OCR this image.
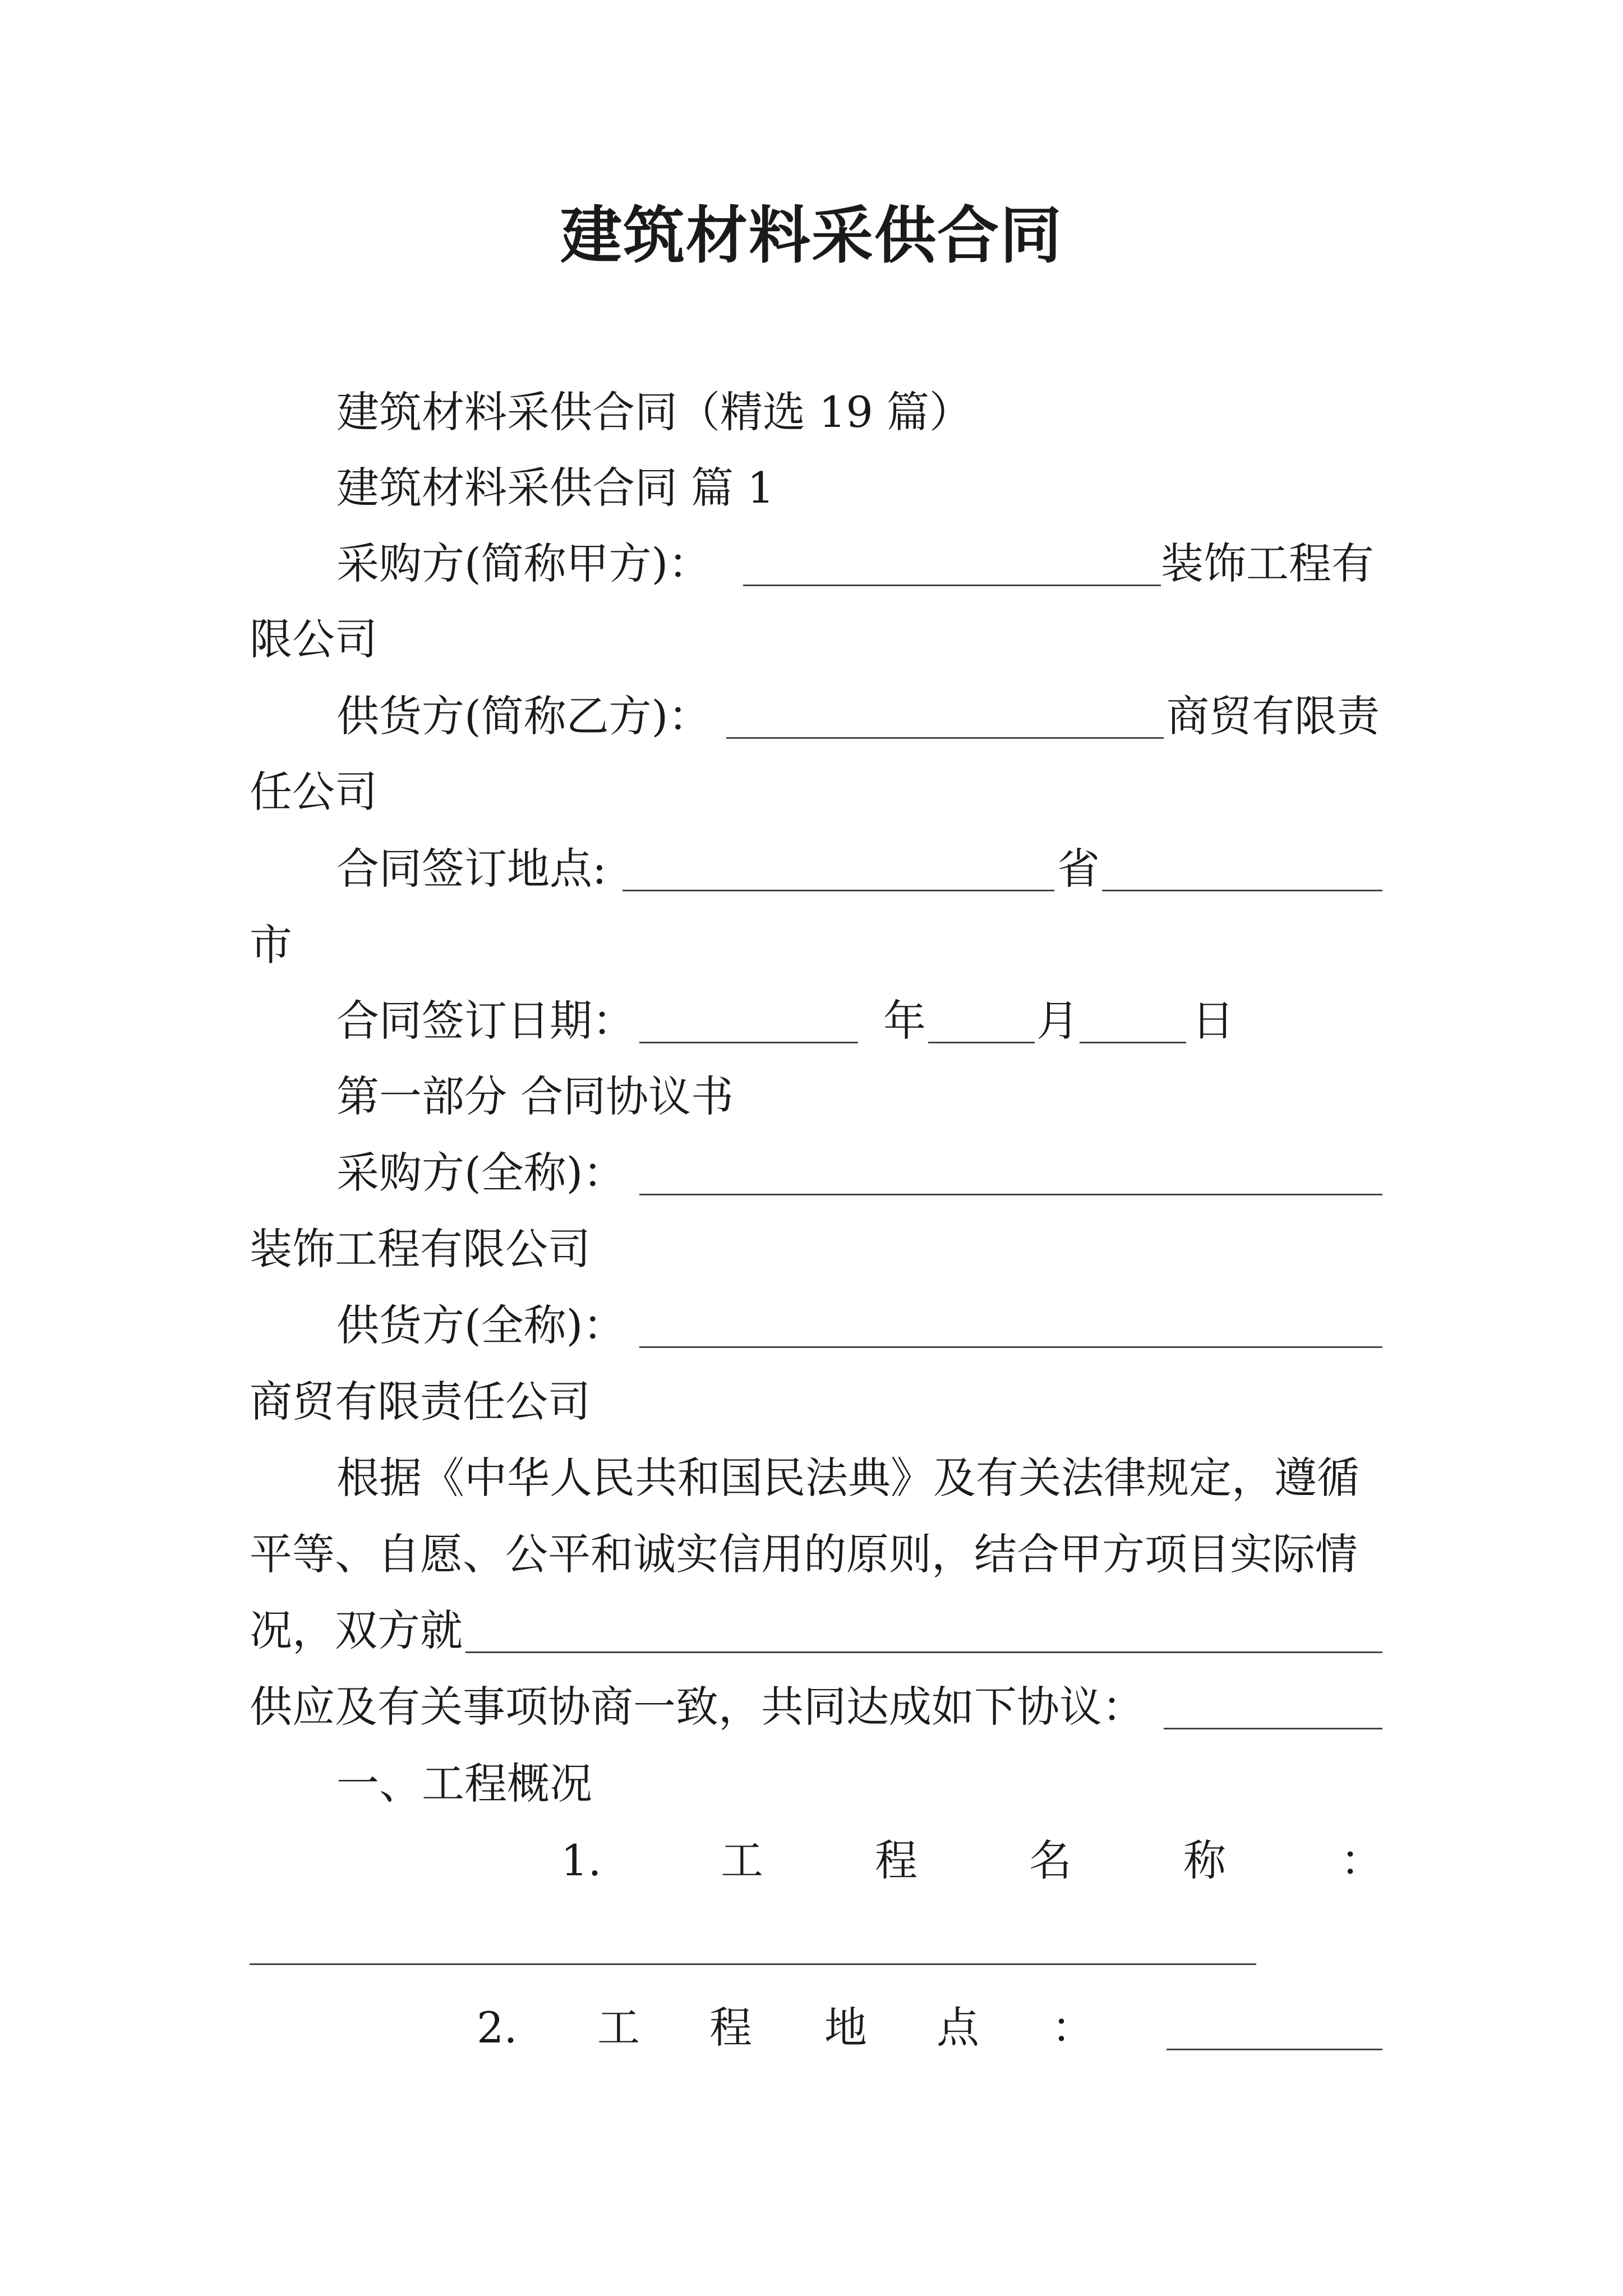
建筑材料采供合同
建筑材料采供合同（精选 19 篇）
建筑材料采供合同 篇 1
采购方(简称甲方)：	装饰工程有
限公司
供货方(简称乙方)：	商贸有限责
任公司
合同签订地点:	省
市
合同签订日期：	年	月	日
第一部分 合同协议书
采购方(全称)：
装饰工程有限公司
供货方(全称)：
商贸有限责任公司
根据《中华人民共和国民法典》及有关法律规定，遵循
平等、自愿、公平和诚实信用的原则，结合甲方项目实际情
况，双方就
供应及有关事项协商一致，共同达成如下协议：
一、工程概况
1.	工	程	名	称	：
2. 工 程 地 点 ：
